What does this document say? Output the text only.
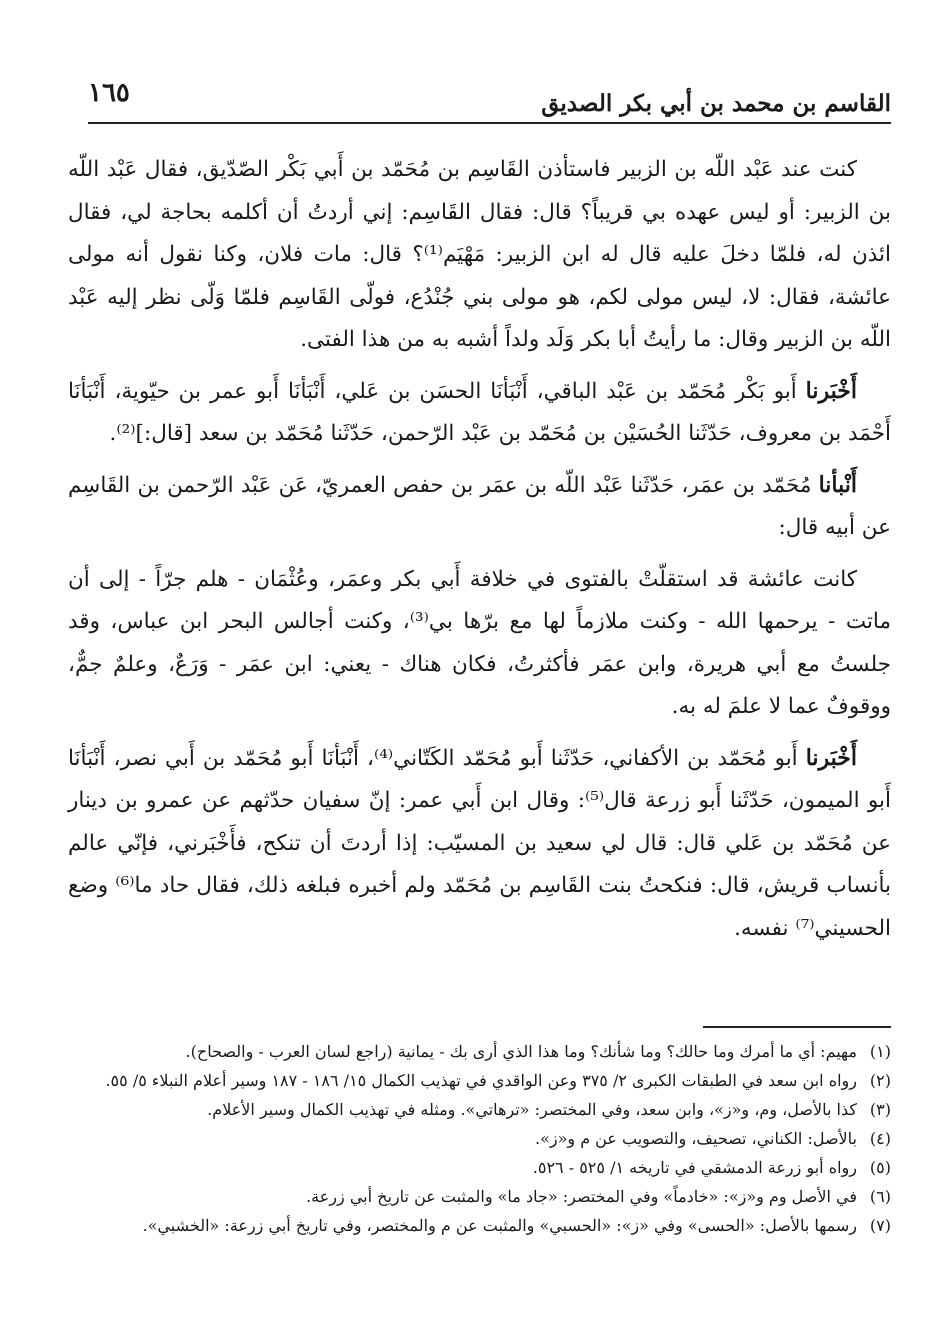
١٦٥	القاسم بن محمد بن أبي بكر الصديق

كنت عند عَبْد اللّه بن الزبير فاستأذن القَاسِم بن مُحَمّد بن أَبي بَكْر الصّدّيق، فقال عَبْد اللّه بن الزبير: أو ليس عهده بي قريباً؟ قال: فقال القَاسِم: إني أردتُ أن أكلمه بحاجة لي، فقال ائذن له، فلمّا دخلَ عليه قال له ابن الزبير: مَهْيَم⁽¹⁾؟ قال: مات فلان، وكنا نقول أنه مولى عائشة، فقال: لا، ليس مولى لكم، هو مولى بني جُنْدُع، فولّى القَاسِم فلمّا وَلّى نظر إليه عَبْد اللّه بن الزبير وقال: ما رأيتُ أبا بكر وَلَد ولداً أشبه به من هذا الفتى.

أَخْبَرنا أَبو بَكْر مُحَمّد بن عَبْد الباقي، أَنْبَأنَا الحسَن بن عَلي، أَنْبَأنَا أَبو عمر بن حيّوية، أَنْبَأنَا أَحْمَد بن معروف، حَدّثَنا الحُسَيْن بن مُحَمّد بن عَبْد الرّحمن، حَدّثَنا مُحَمّد بن سعد [قال:]⁽²⁾.

أَنْبأنا مُحَمّد بن عمَر، حَدّثَنا عَبْد اللّه بن عمَر بن حفص العمريّ، عَن عَبْد الرّحمن بن القَاسِم عن أبيه قال:

كانت عائشة قد استقلّتْ بالفتوى في خلافة أَبي بكر وعمَر، وعُثْمَان - هلم جرّاً - إلى أن ماتت - يرحمها الله - وكنت ملازماً لها مع برّها بي⁽³⁾، وكنت أجالس البحر ابن عباس، وقد جلستُ مع أبي هريرة، وابن عمَر فأكثرتُ، فكان هناك - يعني: ابن عمَر - وَرَعٌ، وعلمٌ جمٌّ، ووقوفٌ عما لا علمَ له به.

أَخْبَرنا أَبو مُحَمّد بن الأكفاني، حَدّثَنا أَبو مُحَمّد الكَتّاني⁽⁴⁾، أَنْبَأنَا أَبو مُحَمّد بن أَبي نصر، أَنْبَأنَا أَبو الميمون، حَدّثَنا أَبو زرعة قال⁽⁵⁾: وقال ابن أَبي عمر: إنّ سفيان حدّثهم عن عمرو بن دينار عن مُحَمّد بن عَلي قال: قال لي سعيد بن المسيّب: إذا أردتَ أن تنكح، فأَخْبَرني، فإنّي عالم بأنساب قريش، قال: فنكحتُ بنت القَاسِم بن مُحَمّد ولم أخبره فبلغه ذلك، فقال حاد ما⁽⁶⁾ وضع الحسيني⁽⁷⁾ نفسه.

(١)
مهيم: أي ما أمرك وما حالك؟ وما شأنك؟ وما هذا الذي أرى بك - يمانية (راجع لسان العرب - والصحاح).
(٢)
رواه ابن سعد في الطبقات الكبرى ٢/ ٣٧٥ وعن الواقدي في تهذيب الكمال ١٥/ ١٨٦ - ١٨٧ وسير أعلام النبلاء ٥/ ٥٥.
(٣)
كذا بالأصل، وم، و«ز»، وابن سعد، وفي المختصر: «ترهاتي». ومثله في تهذيب الكمال وسير الأعلام.
(٤)
بالأصل: الكناني، تصحيف، والتصويب عن م و«ز».
(٥)
رواه أبو زرعة الدمشقي في تاريخه ١/ ٥٢٥ - ٥٢٦.
(٦)
في الأصل وم و«ز»: «خادماً» وفي المختصر: «جاد ما» والمثبت عن تاريخ أبي زرعة.
(٧)
رسمها بالأصل: «الحسى» وفي «ز»: «الحسبي» والمثبت عن م والمختصر، وفي تاريخ أبي زرعة: «الخشبي».
